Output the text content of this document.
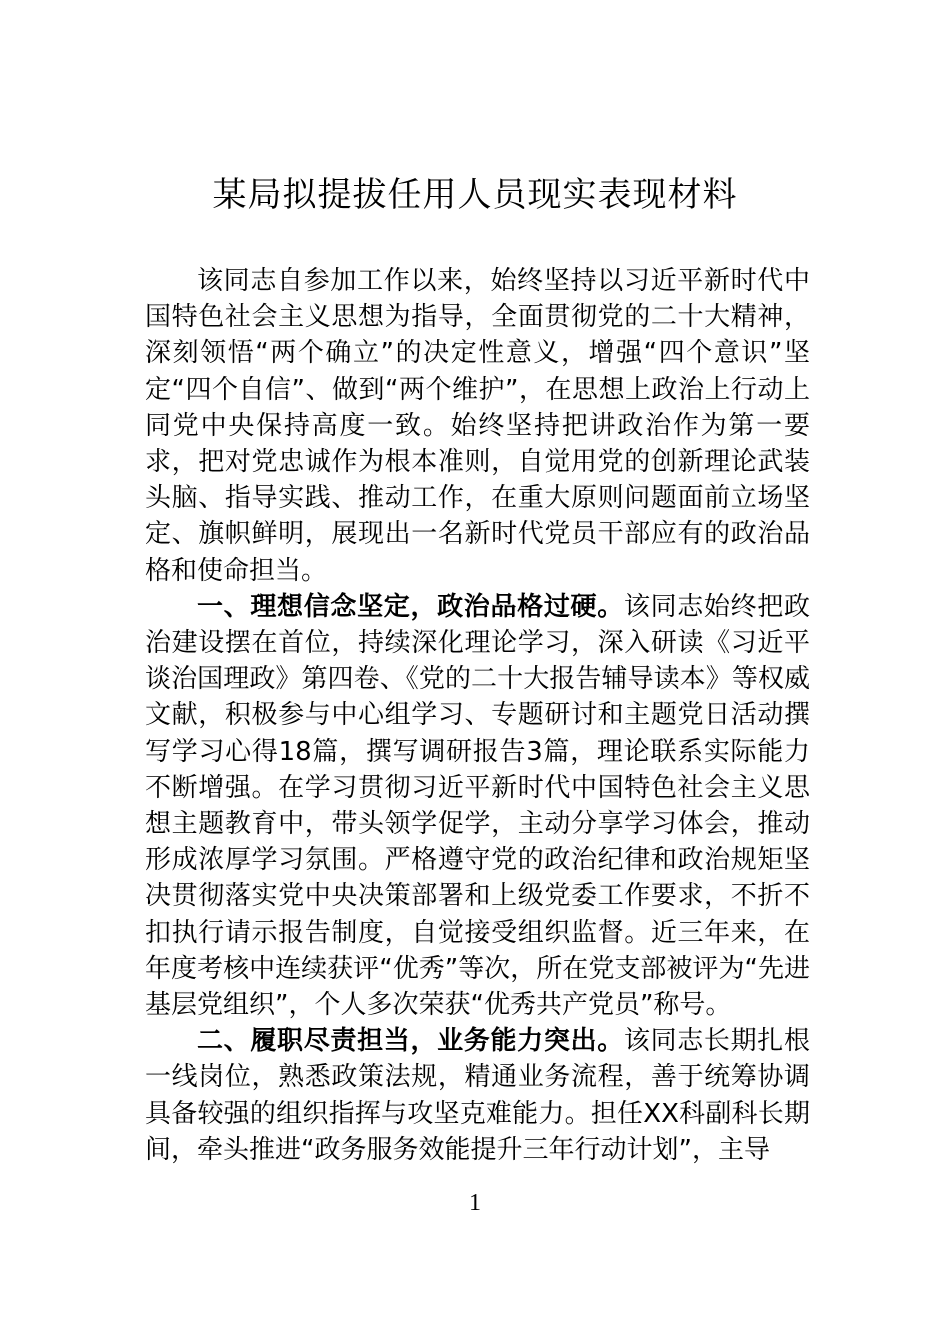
某局拟提拔任用人员现实表现材料

该同志自参加工作以来，始终坚持以习近平新时代中国特色社会主义思想为指导，全面贯彻党的二十大精神，深刻领悟“两个确立”的决定性意义，增强“四个意识”坚定“四个自信”、做到“两个维护”，在思想上政治上行动上同党中央保持高度一致。始终坚持把讲政治作为第一要求，把对党忠诚作为根本准则，自觉用党的创新理论武装头脑、指导实践、推动工作，在重大原则问题面前立场坚定、旗帜鲜明，展现出一名新时代党员干部应有的政治品格和使命担当。

一、理想信念坚定，政治品格过硬。该同志始终把政治建设摆在首位，持续深化理论学习，深入研读《习近平谈治国理政》第四卷、《党的二十大报告辅导读本》等权威文献，积极参与中心组学习、专题研讨和主题党日活动撰写学习心得18篇，撰写调研报告3篇，理论联系实际能力不断增强。在学习贯彻习近平新时代中国特色社会主义思想主题教育中，带头领学促学，主动分享学习体会，推动形成浓厚学习氛围。严格遵守党的政治纪律和政治规矩坚决贯彻落实党中央决策部署和上级党委工作要求，不折不扣执行请示报告制度，自觉接受组织监督。近三年来，在年度考核中连续获评“优秀”等次，所在党支部被评为“先进基层党组织”，个人多次荣获“优秀共产党员”称号。

二、履职尽责担当，业务能力突出。该同志长期扎根一线岗位，熟悉政策法规，精通业务流程，善于统筹协调具备较强的组织指挥与攻坚克难能力。担任XX科副科长期间，牵头推进“政务服务效能提升三年行动计划”，主导

1
